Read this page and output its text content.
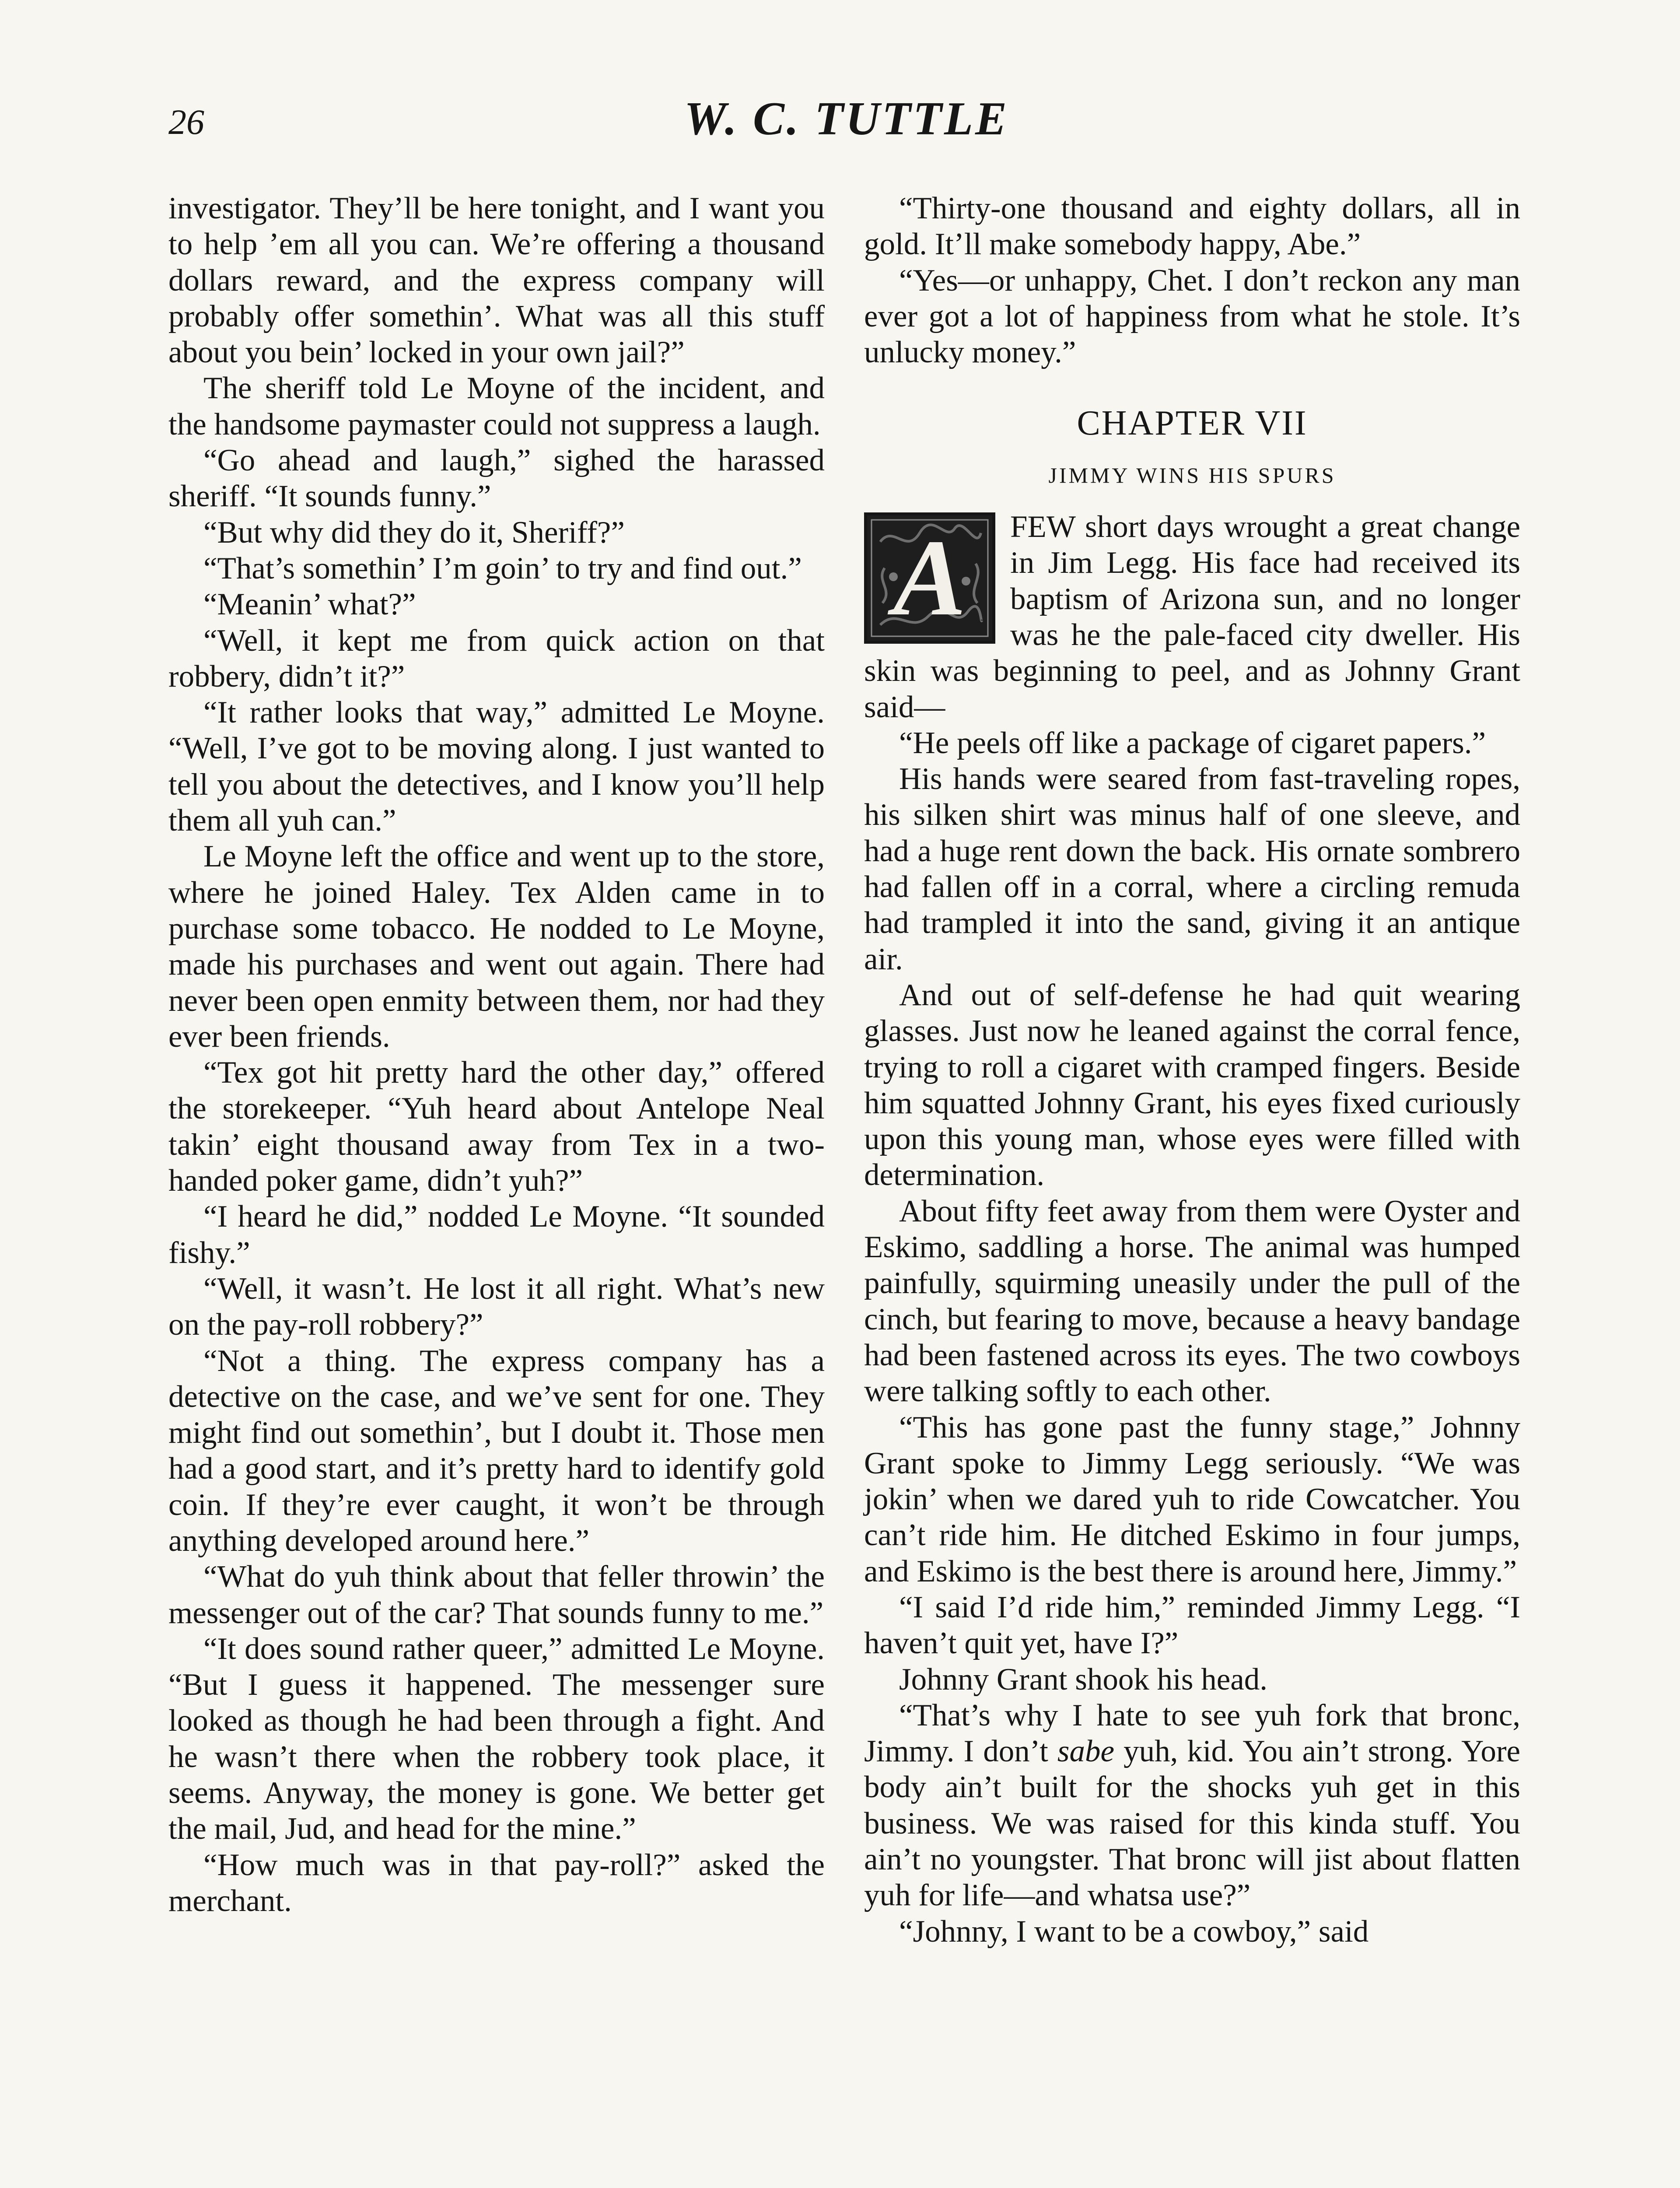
26	W. C. TUTTLE

investigator. They’ll be here tonight, and I want you to help ’em all you can. We’re offering a thousand dollars reward, and the express company will probably offer somethin’. What was all this stuff about you bein’ locked in your own jail?”

The sheriff told Le Moyne of the incident, and the handsome paymaster could not suppress a laugh.

“Go ahead and laugh,” sighed the harassed sheriff. “It sounds funny.”

“But why did they do it, Sheriff?”

“That’s somethin’ I’m goin’ to try and find out.”

“Meanin’ what?”

“Well, it kept me from quick action on that robbery, didn’t it?”

“It rather looks that way,” admitted Le Moyne. “Well, I’ve got to be moving along. I just wanted to tell you about the detectives, and I know you’ll help them all yuh can.”

Le Moyne left the office and went up to the store, where he joined Haley. Tex Alden came in to purchase some tobacco. He nodded to Le Moyne, made his purchases and went out again. There had never been open enmity between them, nor had they ever been friends.

“Tex got hit pretty hard the other day,” offered the storekeeper. “Yuh heard about Antelope Neal takin’ eight thousand away from Tex in a two-handed poker game, didn’t yuh?”

“I heard he did,” nodded Le Moyne. “It sounded fishy.”

“Well, it wasn’t. He lost it all right. What’s new on the pay-roll robbery?”

“Not a thing. The express company has a detective on the case, and we’ve sent for one. They might find out somethin’, but I doubt it. Those men had a good start, and it’s pretty hard to identify gold coin. If they’re ever caught, it won’t be through anything developed around here.”

“What do yuh think about that feller throwin’ the messenger out of the car? That sounds funny to me.”

“It does sound rather queer,” admitted Le Moyne. “But I guess it happened. The messenger sure looked as though he had been through a fight. And he wasn’t there when the robbery took place, it seems. Anyway, the money is gone. We better get the mail, Jud, and head for the mine.”

“How much was in that pay-roll?” asked the merchant.

“Thirty-one thousand and eighty dollars, all in gold. It’ll make somebody happy, Abe.”

“Yes—or unhappy, Chet. I don’t reckon any man ever got a lot of happiness from what he stole. It’s unlucky money.”

CHAPTER VII
JIMMY WINS HIS SPURS

A	FEW short days wrought a great change in Jim Legg. His face had received its baptism of Arizona sun, and no longer was he the pale-faced city dweller. His skin was beginning to peel, and as Johnny Grant said—

“He peels off like a package of cigaret papers.”

His hands were seared from fast-traveling ropes, his silken shirt was minus half of one sleeve, and had a huge rent down the back. His ornate sombrero had fallen off in a corral, where a circling remuda had trampled it into the sand, giving it an antique air.

And out of self-defense he had quit wearing glasses. Just now he leaned against the corral fence, trying to roll a cigaret with cramped fingers. Beside him squatted Johnny Grant, his eyes fixed curiously upon this young man, whose eyes were filled with determination.

About fifty feet away from them were Oyster and Eskimo, saddling a horse. The animal was humped painfully, squirming uneasily under the pull of the cinch, but fearing to move, because a heavy bandage had been fastened across its eyes. The two cowboys were talking softly to each other.

“This has gone past the funny stage,” Johnny Grant spoke to Jimmy Legg seriously. “We was jokin’ when we dared yuh to ride Cowcatcher. You can’t ride him. He ditched Eskimo in four jumps, and Eskimo is the best there is around here, Jimmy.”

“I said I’d ride him,” reminded Jimmy Legg. “I haven’t quit yet, have I?”

Johnny Grant shook his head.

“That’s why I hate to see yuh fork that bronc, Jimmy. I don’t sabe yuh, kid. You ain’t strong. Yore body ain’t built for the shocks yuh get in this business. We was raised for this kinda stuff. You ain’t no youngster. That bronc will jist about flatten yuh for life—and whatsa use?”

“Johnny, I want to be a cowboy,” said
